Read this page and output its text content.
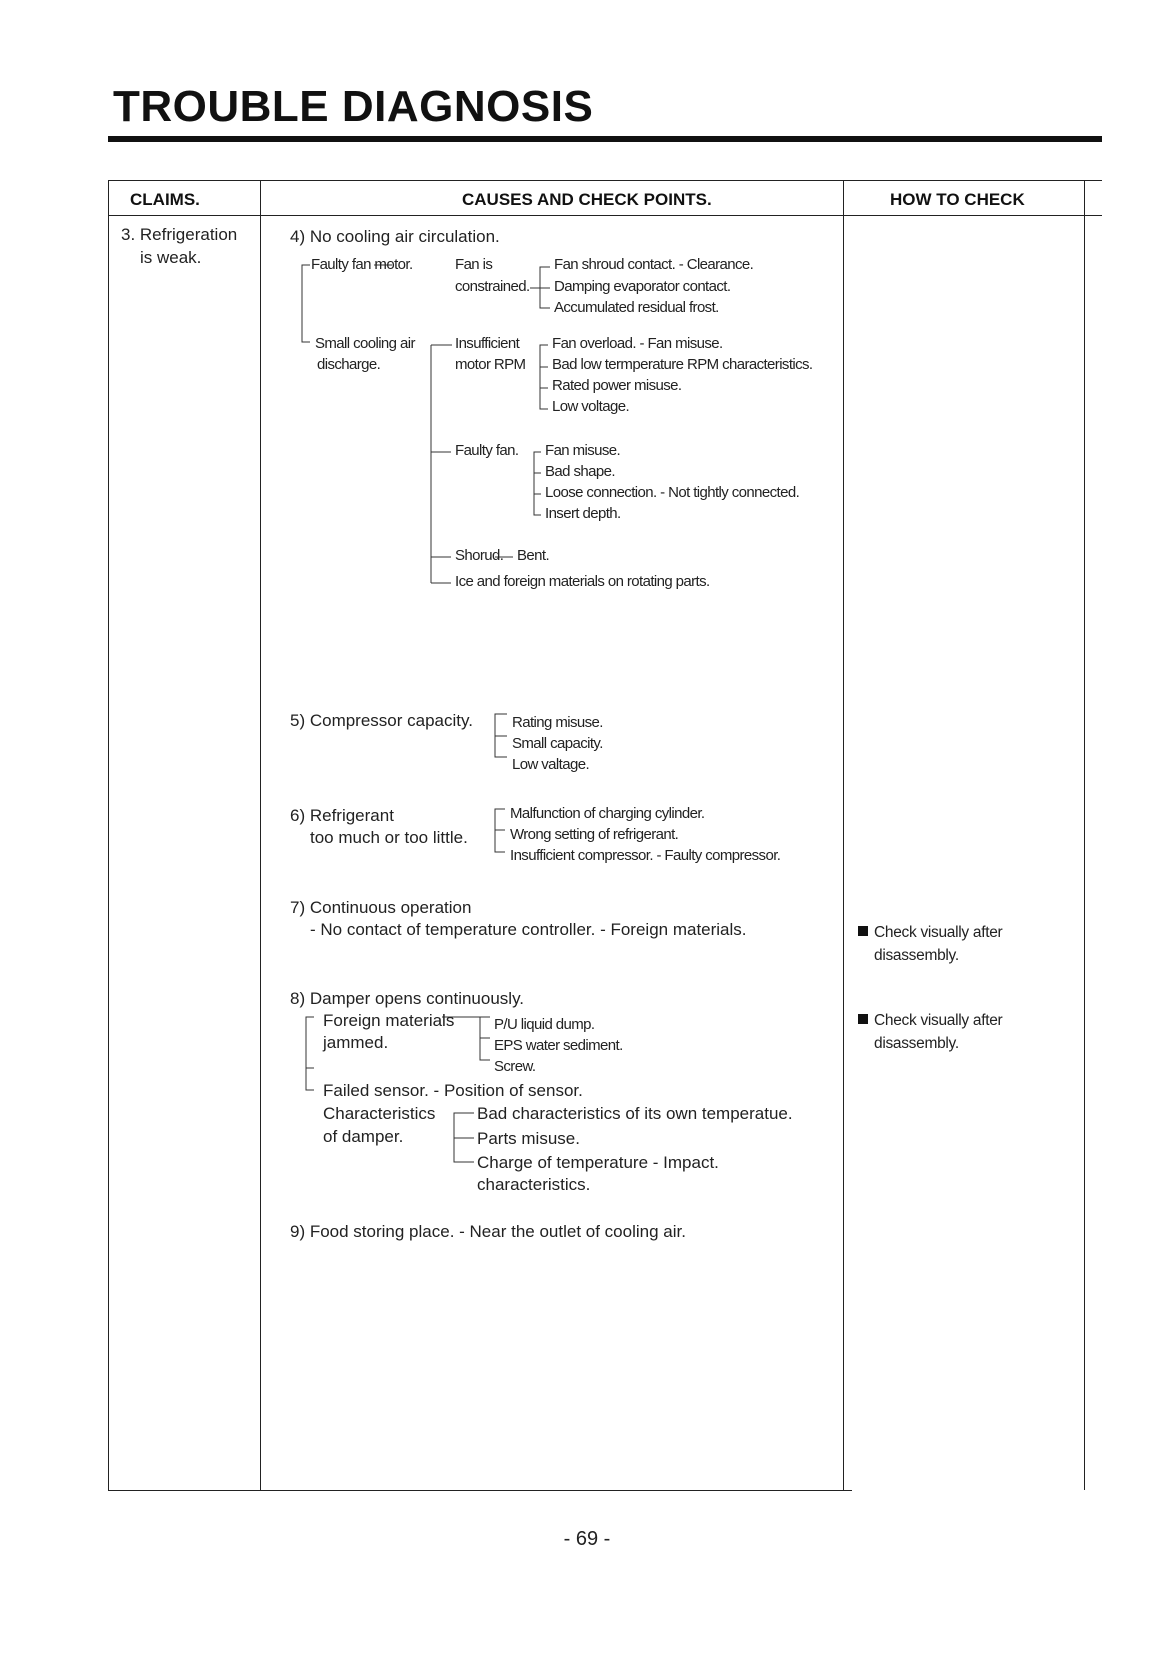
TROUBLE DIAGNOSIS
CLAIMS.	CAUSES AND CHECK POINTS.	HOW TO CHECK
3. Refrigeration
is weak.
4) No cooling air circulation.
Faulty fan motor.	Fan is
constrained.
Fan shroud contact. - Clearance.
Damping evaporator contact.
Accumulated residual frost.
Small cooling air
discharge.
Insufficient
motor RPM
Fan overload. - Fan misuse.
Bad low termperature RPM characteristics.
Rated power misuse.
Low voltage.
Faulty fan. Fan misuse.
Bad shape.
Loose connection. - Not tightly connected.
Insert depth.
Shorud. Bent.
Ice and foreign materials on rotating parts.
5) Compressor capacity.	Rating misuse.
Small capacity.
Low valtage.
6) Refrigerant
too much or too little.
Malfunction of charging cylinder.
Wrong setting of refrigerant.
Insufficient compressor. - Faulty compressor.
7) Continuous operation
- No contact of temperature controller. - Foreign materials.
8) Damper opens continuously.
Foreign materials
jammed.
P/U liquid dump.
EPS water sediment.
Screw.
Failed sensor. - Position of sensor.
Characteristics
of damper.
Bad characteristics of its own temperatue.
Parts misuse.
Charge of temperature - Impact.
characteristics.
9) Food storing place. - Near the outlet of cooling air.
Check visually after
disassembly.
Check visually after
disassembly.
- 69 -
